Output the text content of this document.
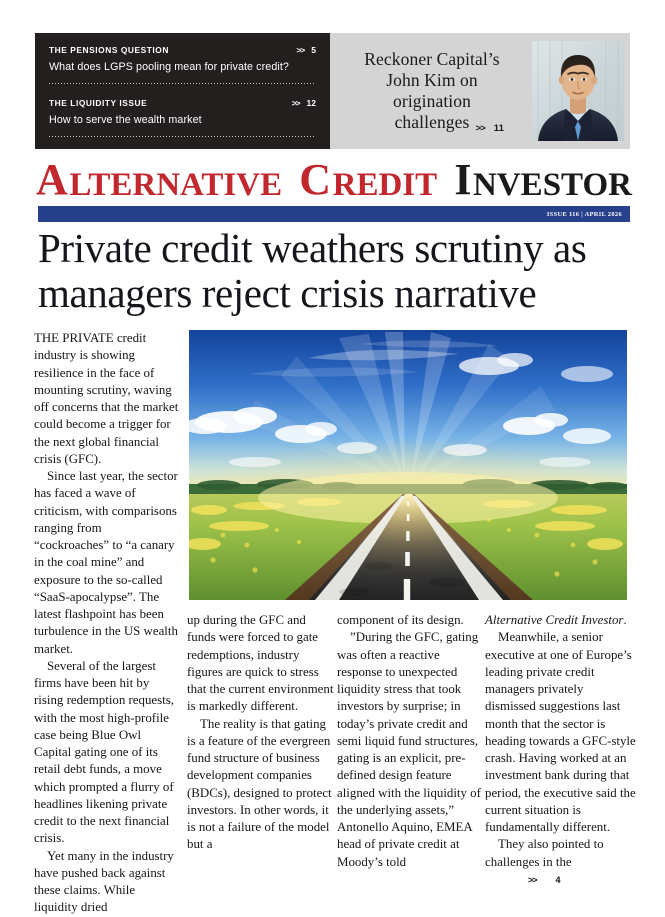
THE PENSIONS QUESTION	>> 5
What does LGPS pooling mean for private credit?
THE LIQUIDITY ISSUE	>> 12
How to serve the wealth market
Reckoner Capital’s
John Kim on
origination
challenges >> 11
A LTERNATIVE C REDIT I NVESTOR
ISSUE 116 | APRIL 2026
Private credit weathers scrutiny as
managers reject crisis narrative

THE PRIVATE credit industry is showing resilience in the face of mounting scrutiny, waving off concerns that the market could become a trigger for the next global financial crisis (GFC).

Since last year, the sector has faced a wave of criticism, with comparisons ranging from “cockroaches” to “a canary in the coal mine” and exposure to the so-called “SaaS-apocalypse”. The latest flashpoint has been turbulence in the US wealth market.

Several of the largest firms have been hit by rising redemption requests, with the most high-profile case being Blue Owl Capital gating one of its retail debt funds, a move which prompted a flurry of headlines likening private credit to the next financial crisis.

Yet many in the industry have pushed back against these claims. While liquidity dried

up during the GFC and funds were forced to gate redemptions, industry figures are quick to stress that the current environment is markedly different.

The reality is that gating is a feature of the evergreen fund structure of business development companies (BDCs), designed to protect investors. In other words, it is not a failure of the model but a

component of its design.

”During the GFC, gating was often a reactive response to unexpected liquidity stress that took investors by surprise; in today’s private credit and semi liquid fund structures, gating is an explicit, pre-defined design feature aligned with the liquidity of the underlying assets,” Antonello Aquino, EMEA head of private credit at Moody’s told

Alternative Credit Investor.

Meanwhile, a senior executive at one of Europe’s leading private credit managers privately dismissed suggestions last month that the sector is heading towards a GFC-style crash. Having worked at an investment bank during that period, the executive said the current situation is fundamentally different.

They also pointed to challenges in the
>>	4
